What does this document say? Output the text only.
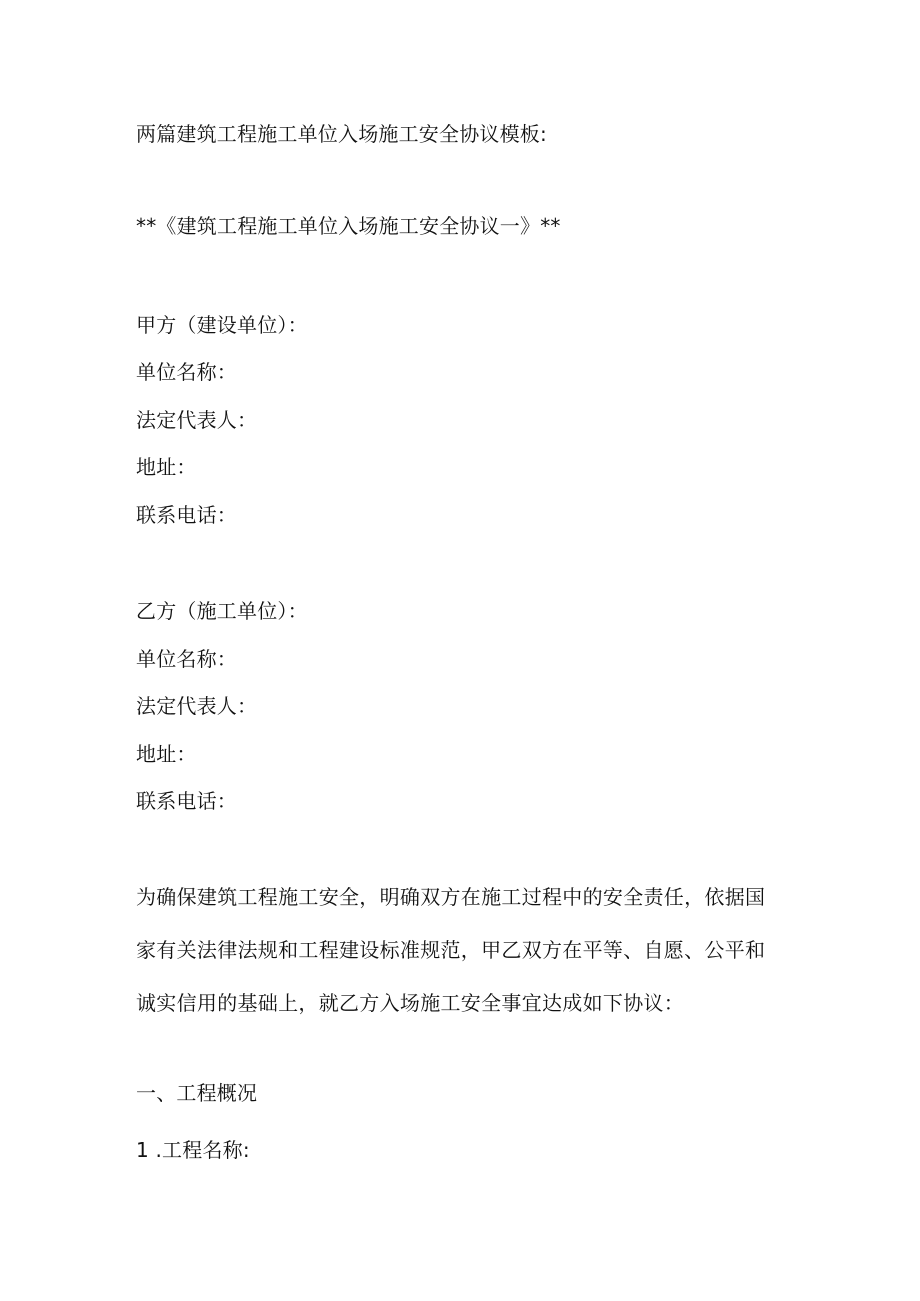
两篇建筑工程施工单位入场施工安全协议模板:
**《建筑工程施工单位入场施工安全协议一》**
甲方（建设单位）：
单位名称：
法定代表人：
地址：
联系电话：
乙方（施工单位）：
单位名称：
法定代表人：
地址：
联系电话：
为确保建筑工程施工安全，明确双方在施工过程中的安全责任，依据国
家有关法律法规和工程建设标准规范，甲乙双方在平等、自愿、公平和
诚实信用的基础上，就乙方入场施工安全事宜达成如下协议：
一、工程概况
1 .工程名称:
